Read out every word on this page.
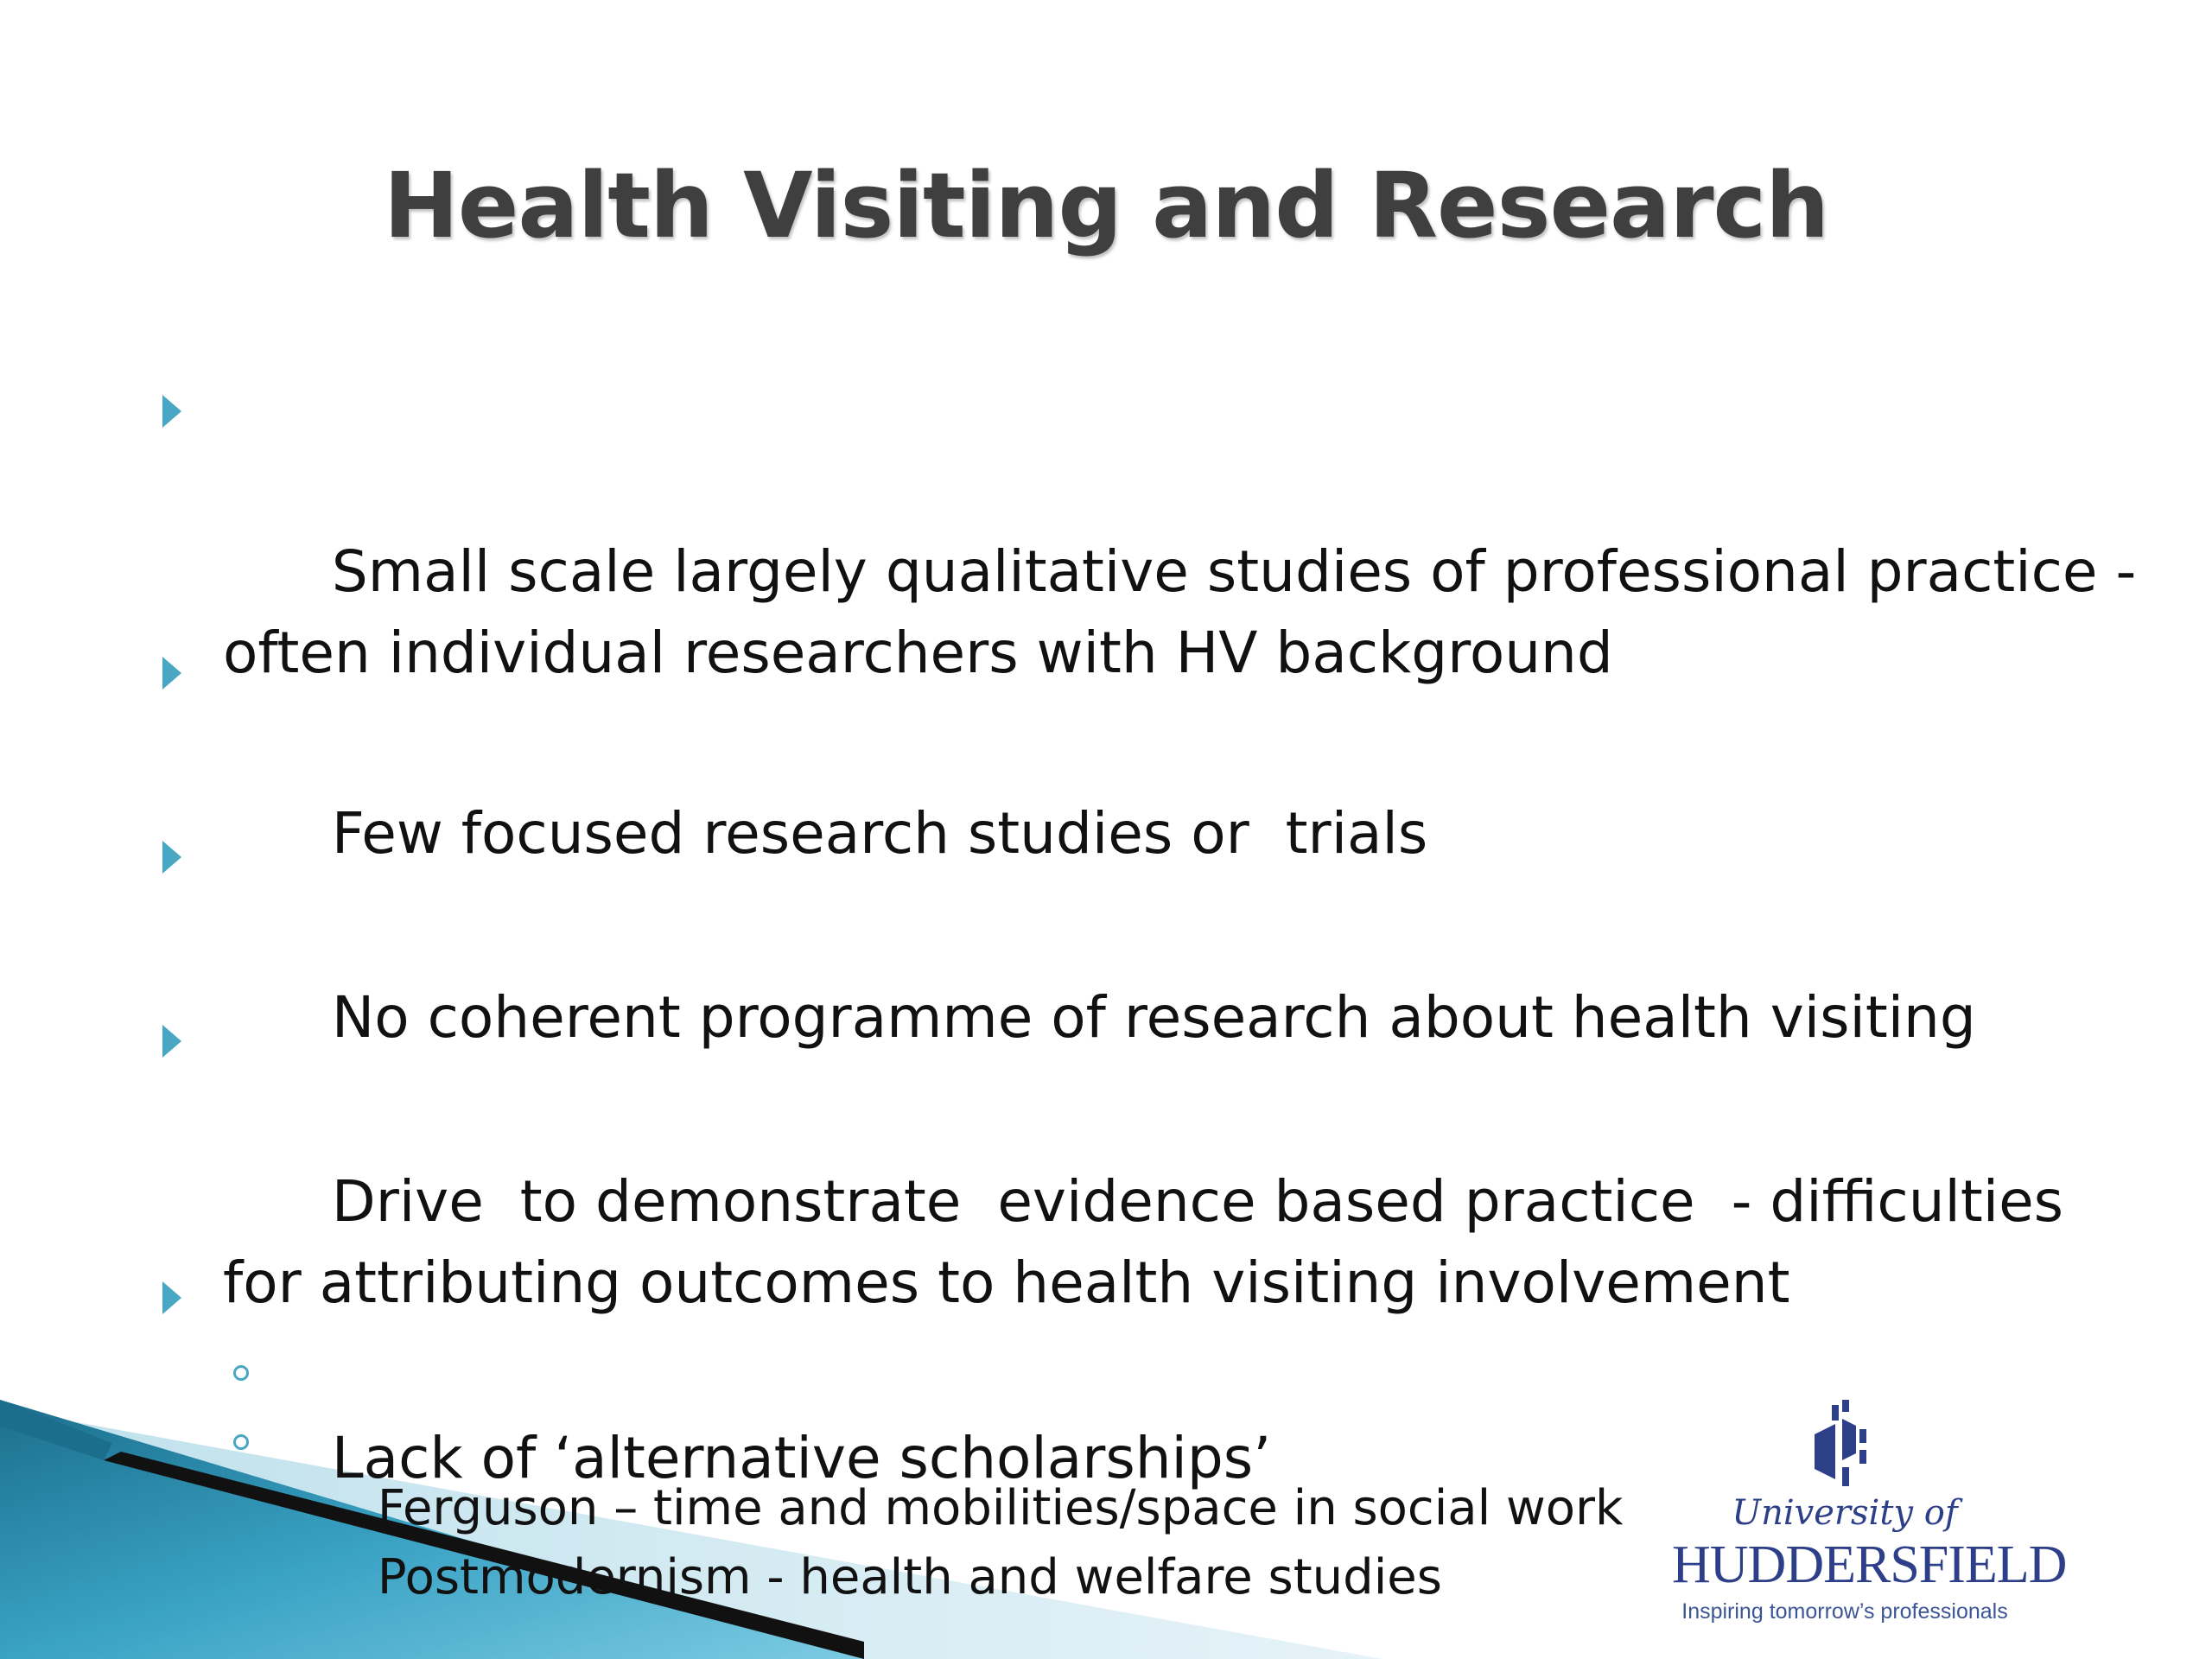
Health Visiting and Research

Small scale largely qualitative studies of professional practice -
often individual researchers with HV background

Few focused research studies or  trials

No coherent programme of research about health visiting

Drive  to demonstrate  evidence based practice  - difficulties
for attributing outcomes to health visiting involvement

Lack of ‘alternative scholarships’

Ferguson – time and mobilities/space in social work

Postmodernism - health and welfare studies

University of
HUDDERSFIELD
Inspiring tomorrow’s professionals
